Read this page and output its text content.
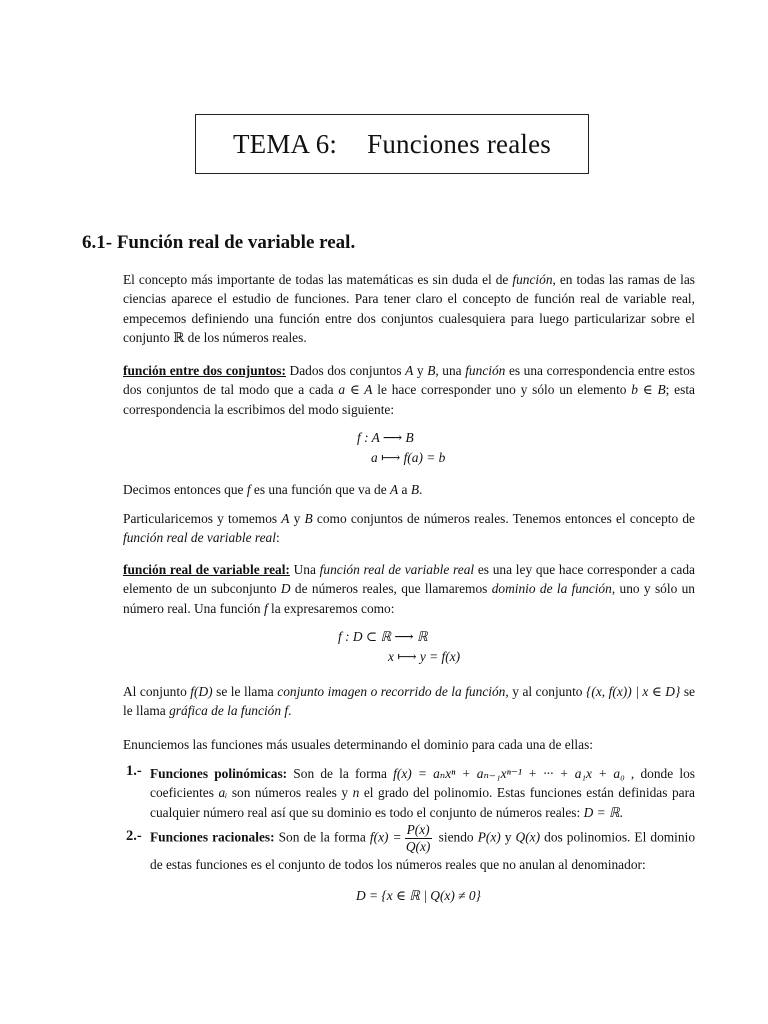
TEMA 6: Funciones reales
6.1- Función real de variable real.
El concepto más importante de todas las matemáticas es sin duda el de función, en todas las ramas de las ciencias aparece el estudio de funciones. Para tener claro el concepto de función real de variable real, empecemos definiendo una función entre dos conjuntos cualesquiera para luego particularizar sobre el conjunto ℝ de los números reales.
función entre dos conjuntos: Dados dos conjuntos A y B, una función es una correspondencia entre estos dos conjuntos de tal modo que a cada a ∈ A le hace corresponder uno y sólo un elemento b ∈ B; esta correspondencia la escribimos del modo siguiente:
f : A ⟶ B
a ⟼ f(a) = b
Decimos entonces que f es una función que va de A a B.
Particularicemos y tomemos A y B como conjuntos de números reales. Tenemos entonces el concepto de función real de variable real:
función real de variable real: Una función real de variable real es una ley que hace corresponder a cada elemento de un subconjunto D de números reales, que llamaremos dominio de la función, uno y sólo un número real. Una función f la expresaremos como:
f : D ⊂ ℝ ⟶ ℝ
x ⟼ y = f(x)
Al conjunto f(D) se le llama conjunto imagen o recorrido de la función, y al conjunto {(x, f(x)) | x ∈ D} se le llama gráfica de la función f.
Enunciemos las funciones más usuales determinando el dominio para cada una de ellas:
1.- Funciones polinómicas: Son de la forma f(x) = aₙxⁿ + aₙ₋₁xⁿ⁻¹ + ··· + a₁x + a₀ , donde los coeficientes aᵢ son números reales y n el grado del polinomio. Estas funciones están definidas para cualquier número real así que su dominio es todo el conjunto de números reales: D = ℝ.
2.- Funciones racionales: Son de la forma $f(x) = \frac{P(x)}{Q(x)}$ siendo P(x) y Q(x) dos polinomios. El dominio de estas funciones es el conjunto de todos los números reales que no anulan al denominador:
D = {x ∈ ℝ | Q(x) ≠ 0}
